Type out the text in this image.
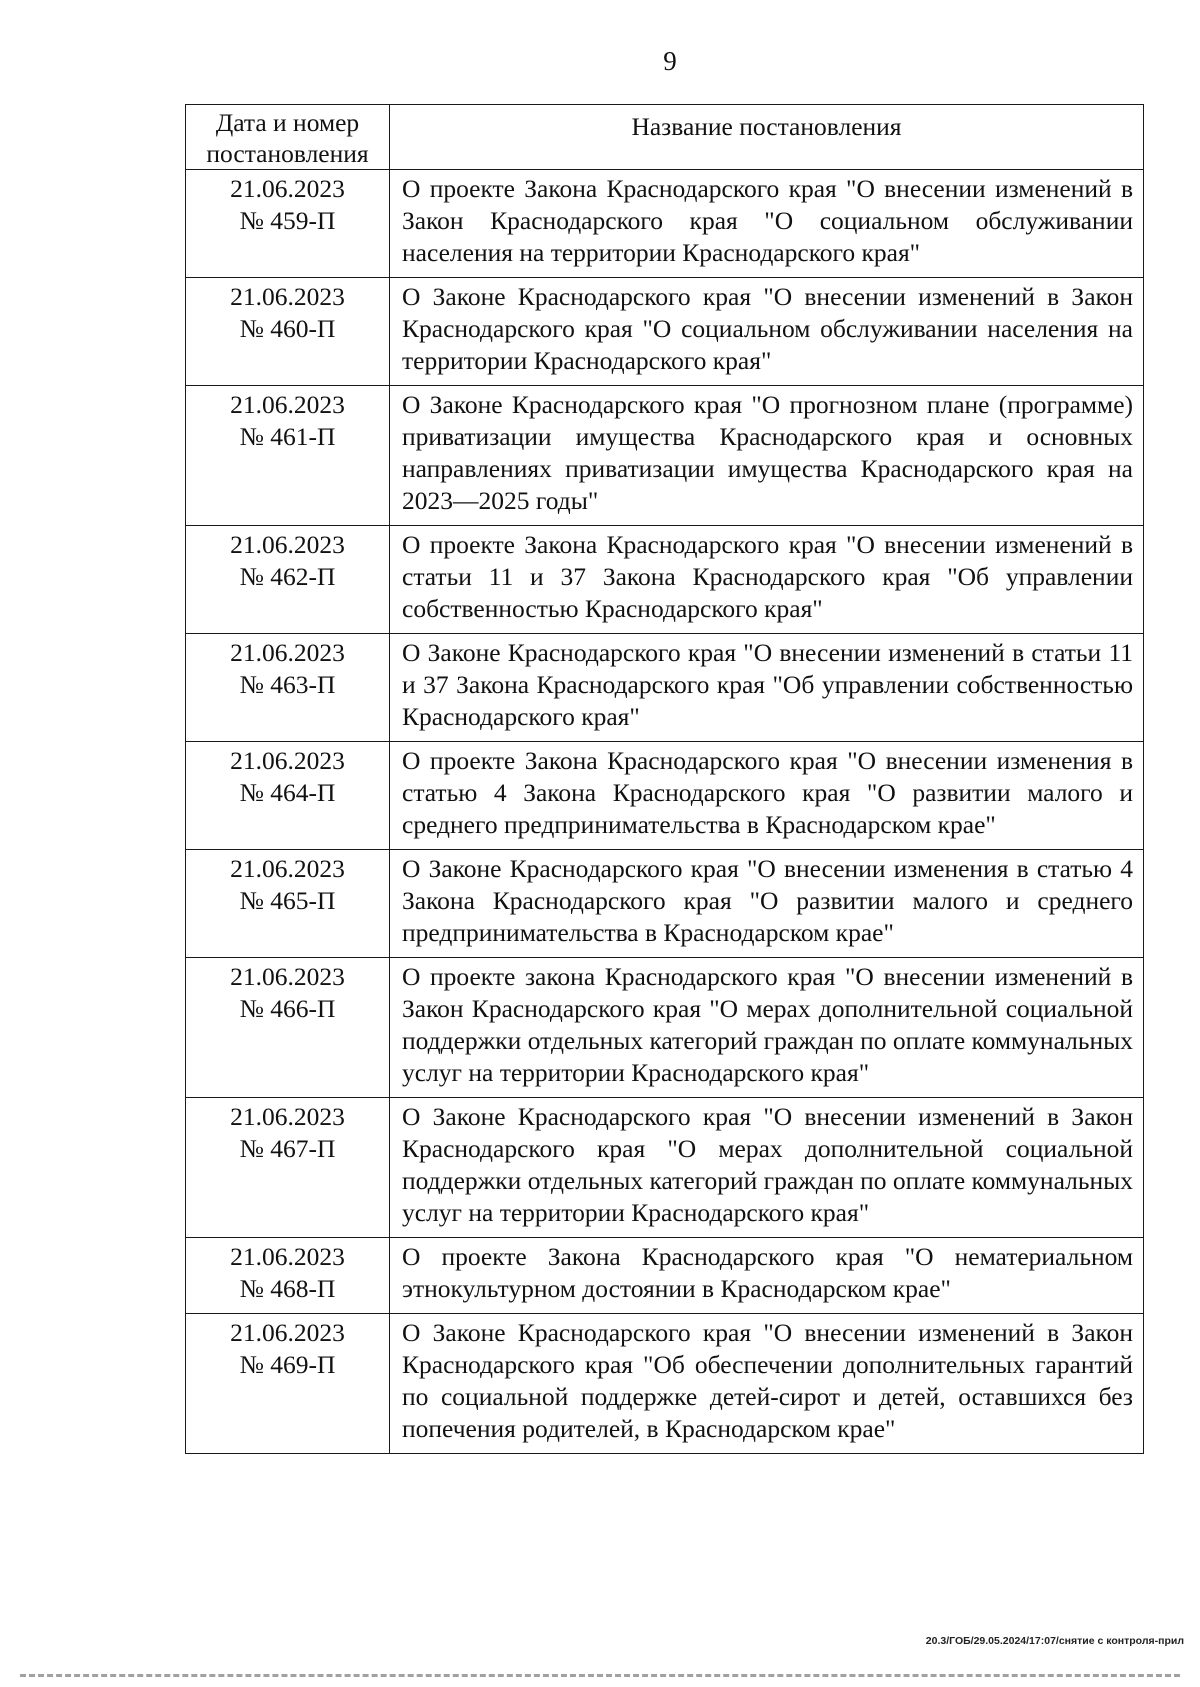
9
Дата и номер постановления	Название постановления

21.06.2023
№ 459-П	О проекте Закона Краснодарского края "О внесении изменений в Закон Краснодарского края "О социальном обслуживании населения на территории Краснодарского края"

21.06.2023
№ 460-П	О Законе Краснодарского края "О внесении изменений в Закон Краснодарского края "О социальном обслуживании населения на территории Краснодарского края"

21.06.2023
№ 461-П	О Законе Краснодарского края "О прогнозном плане (программе) приватизации имущества Краснодарского края и основных направлениях приватизации имущества Краснодарского края на 2023—2025 годы"

21.06.2023
№ 462-П	О проекте Закона Краснодарского края "О внесении изменений в статьи 11 и 37 Закона Краснодарского края "Об управлении собственностью Краснодарского края"

21.06.2023
№ 463-П	О Законе Краснодарского края "О внесении изменений в статьи 11 и 37 Закона Краснодарского края "Об управлении собственностью Краснодарского края"

21.06.2023
№ 464-П	О проекте Закона Краснодарского края "О внесении изменения в статью 4 Закона Краснодарского края "О развитии малого и среднего предпринимательства в Краснодарском крае"

21.06.2023
№ 465-П	О Законе Краснодарского края "О внесении изменения в статью 4 Закона Краснодарского края "О развитии малого и среднего предпринимательства в Краснодарском крае"

21.06.2023
№ 466-П	О проекте закона Краснодарского края "О внесении изменений в Закон Краснодарского края "О мерах дополнительной социальной поддержки отдельных категорий граждан по оплате коммунальных услуг на территории Краснодарского края"

21.06.2023
№ 467-П	О Законе Краснодарского края "О внесении изменений в Закон Краснодарского края "О мерах дополнительной социальной поддержки отдельных категорий граждан по оплате коммунальных услуг на территории Краснодарского края"

21.06.2023
№ 468-П	О проекте Закона Краснодарского края "О нематериальном этнокультурном достоянии в Краснодарском крае"

21.06.2023
№ 469-П	О Законе Краснодарского края "О внесении изменений в Закон Краснодарского края "Об обеспечении дополнительных гарантий по социальной поддержке детей-сирот и детей, оставшихся без попечения родителей, в Краснодарском крае"
20.3/ГОБ/29.05.2024/17:07/снятие с контроля-прил
